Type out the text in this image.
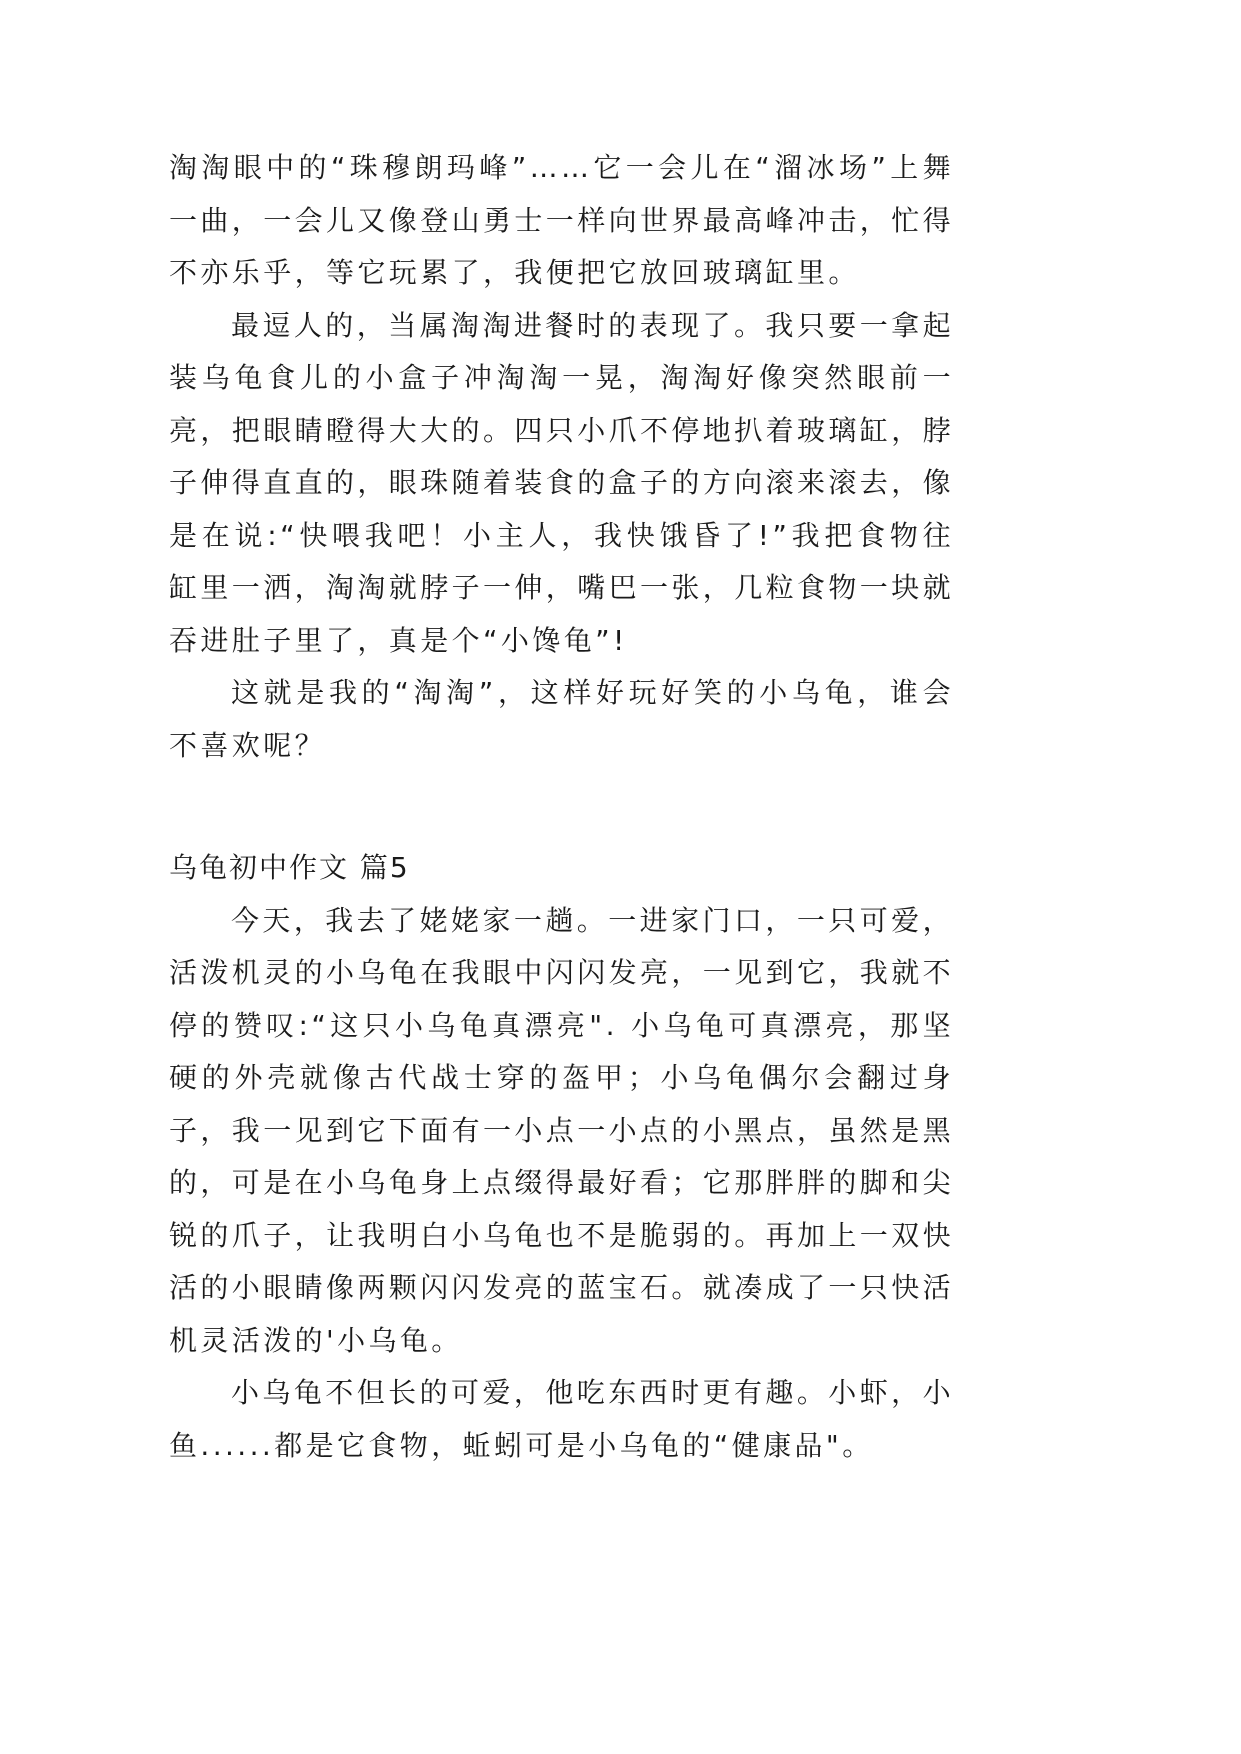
淘淘眼中的“珠穆朗玛峰”……它一会儿在“溜冰场”上舞一曲，一会儿又像登山勇士一样向世界最高峰冲击，忙得不亦乐乎，等它玩累了，我便把它放回玻璃缸里。

最逗人的，当属淘淘进餐时的表现了。我只要一拿起装乌龟食儿的小盒子冲淘淘一晃，淘淘好像突然眼前一亮，把眼睛瞪得大大的。四只小爪不停地扒着玻璃缸，脖子伸得直直的，眼珠随着装食的盒子的方向滚来滚去，像是在说:“快喂我吧！小主人，我快饿昏了!”我把食物往缸里一洒，淘淘就脖子一伸，嘴巴一张，几粒食物一块就吞进肚子里了，真是个“小馋龟”!

这就是我的“淘淘”，这样好玩好笑的小乌龟，谁会不喜欢呢？

乌龟初中作文 篇5

今天，我去了姥姥家一趟。一进家门口，一只可爱，活泼机灵的小乌龟在我眼中闪闪发亮，一见到它，我就不停的赞叹:“这只小乌龟真漂亮". 小乌龟可真漂亮，那坚硬的外壳就像古代战士穿的盔甲；小乌龟偶尔会翻过身子，我一见到它下面有一小点一小点的小黑点，虽然是黑的，可是在小乌龟身上点缀得最好看；它那胖胖的脚和尖锐的爪子，让我明白小乌龟也不是脆弱的。再加上一双快活的小眼睛像两颗闪闪发亮的蓝宝石。就凑成了一只快活机灵活泼的'小乌龟。

小乌龟不但长的可爱，他吃东西时更有趣。小虾，小鱼......都是它食物，蚯蚓可是小乌龟的“健康品"。
